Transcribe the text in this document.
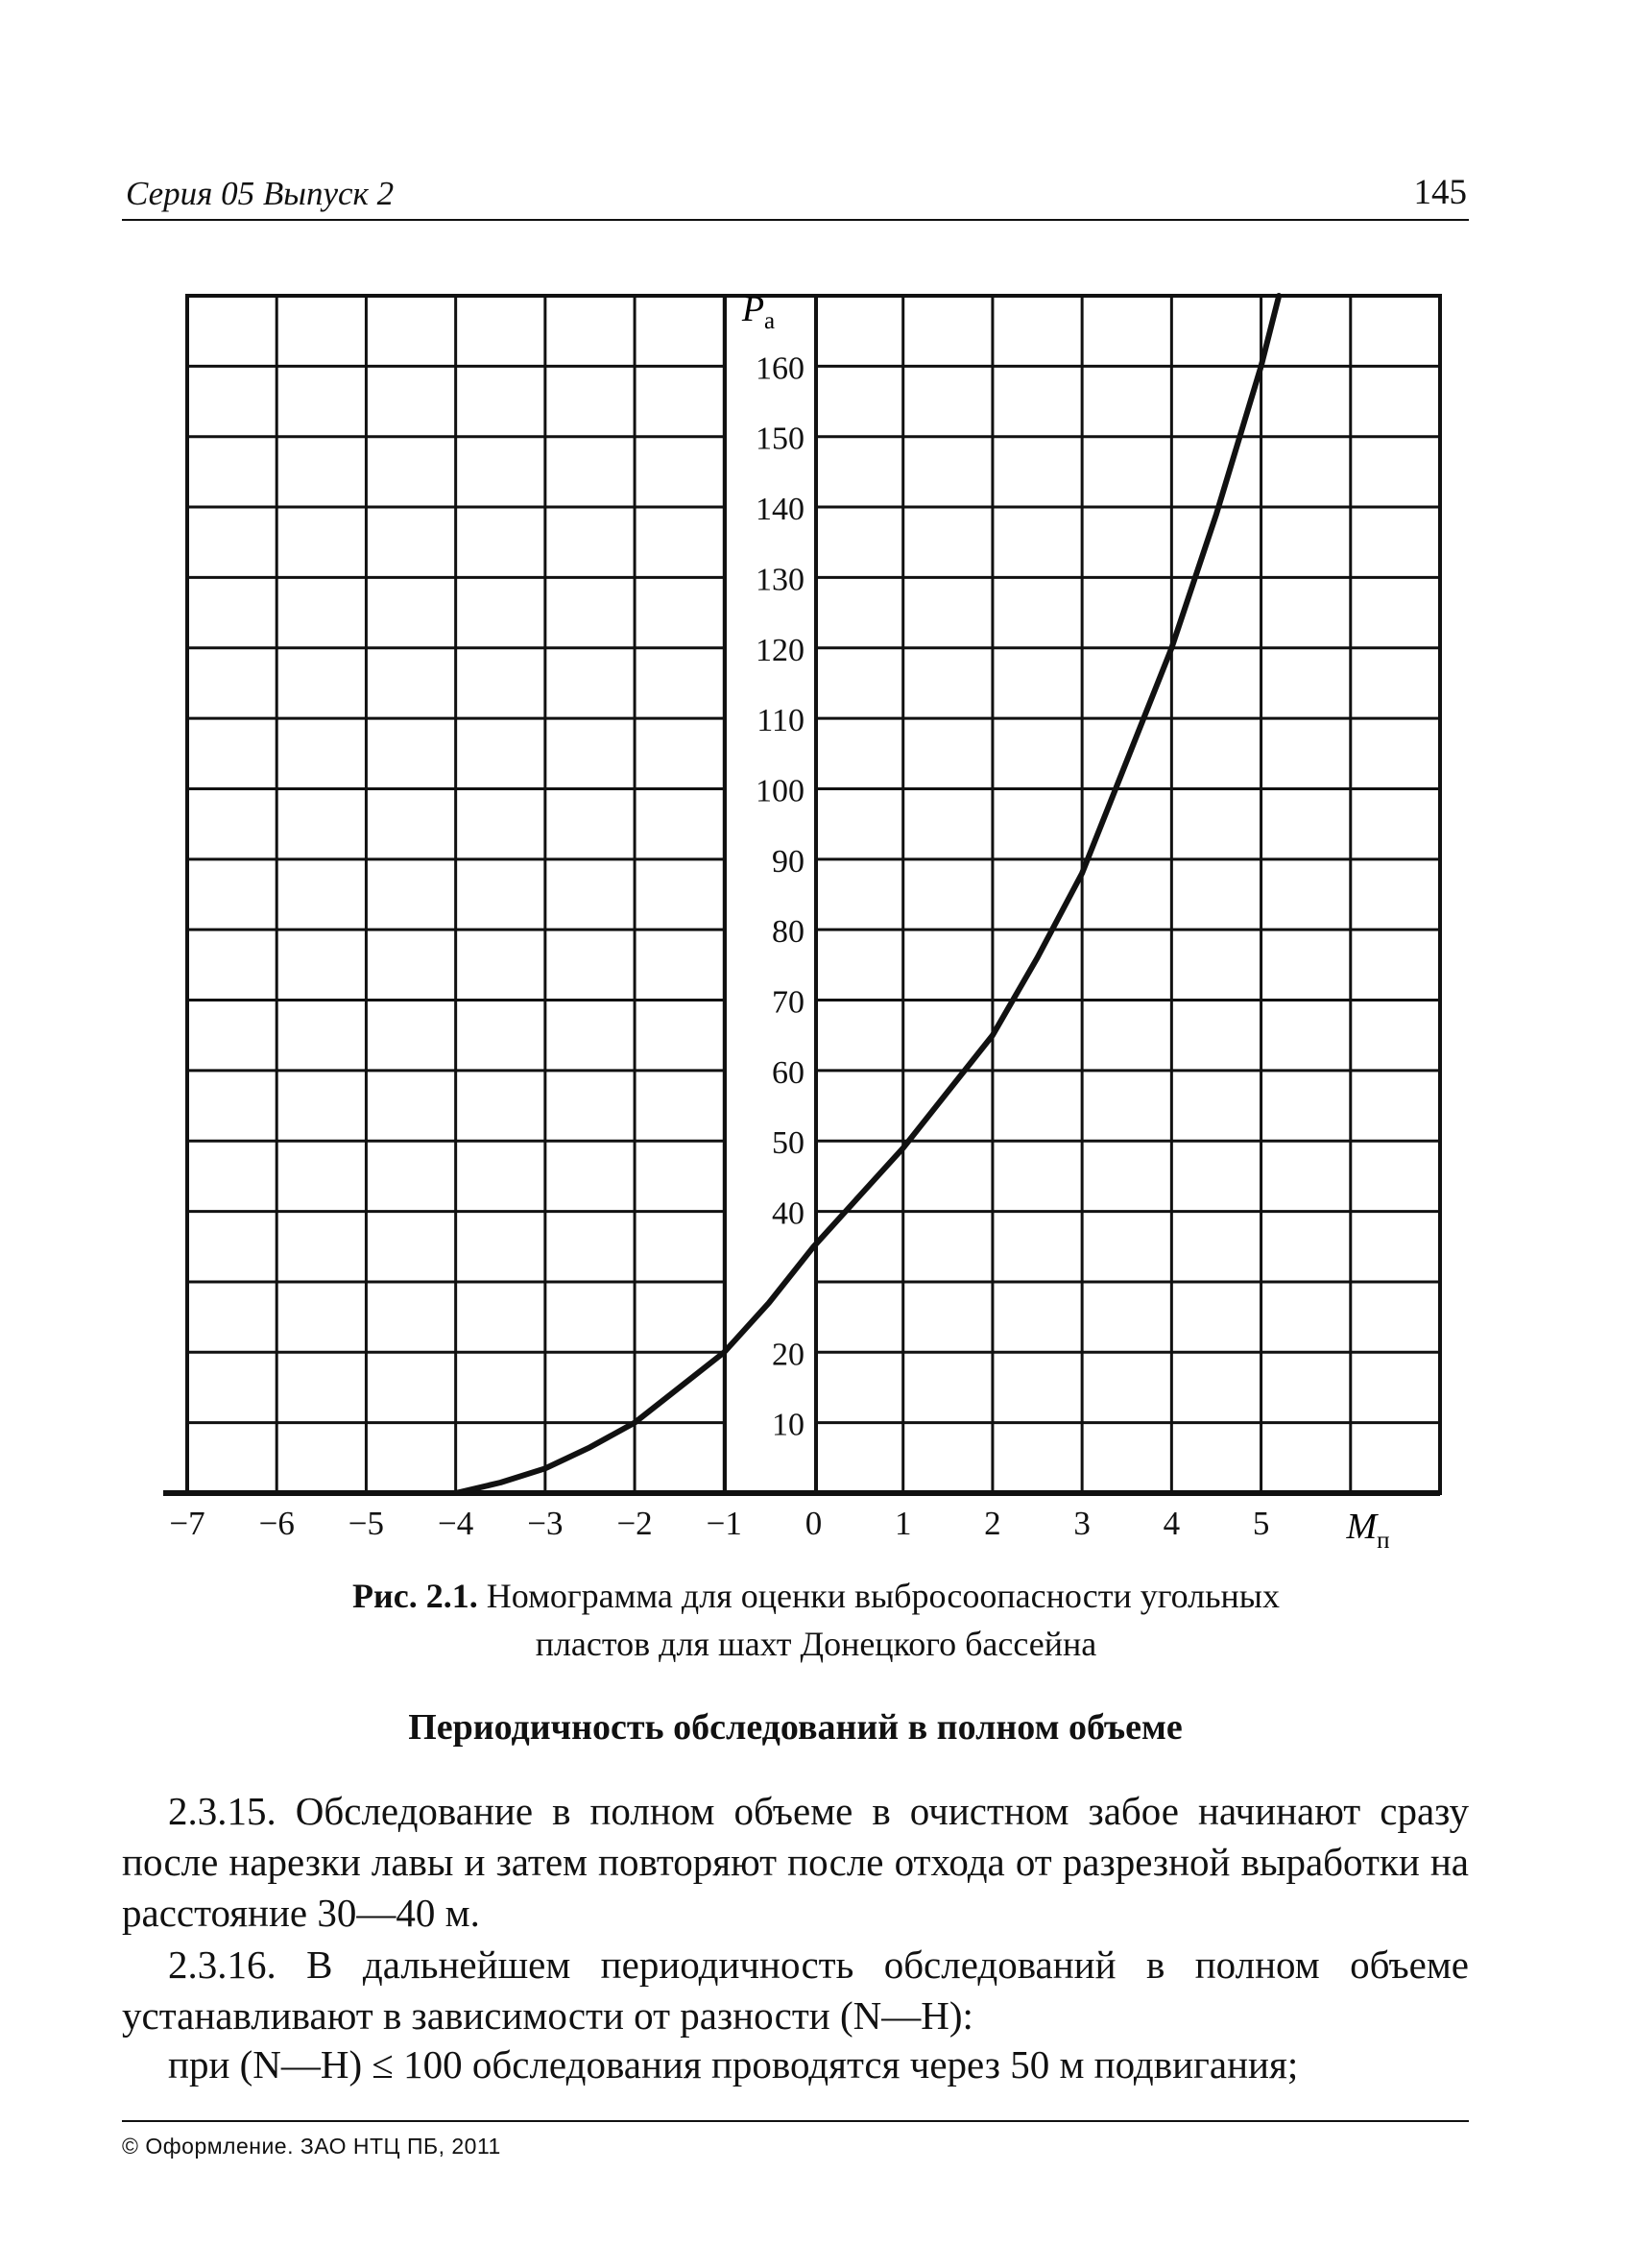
Серия 05 Выпуск 2	145
160
150
140
130
120
110
100
90
80
70
60
50
40
20
10
−7 −6 −5 −4 −3 −2 −1 0 1 2 3 4 5
$P_а$
$M_п$
Рис. 2.1. Номограмма для оценки выбросоопасности угольных
пластов для шахт Донецкого бассейна
Периодичность обследований в полном объеме

2.3.15. Обследование в полном объеме в очистном забое начинают сразу после нарезки лавы и затем повторяют после отхода от разрезной выработки на расстояние 30—40 м.

2.3.16. В дальнейшем периодичность обследований в полном объеме устанавливают в зависимости от разности (N—H):

при (N—H) ≤ 100 обследования проводятся через 50 м подвигания;

© Оформление. ЗАО НТЦ ПБ, 2011
